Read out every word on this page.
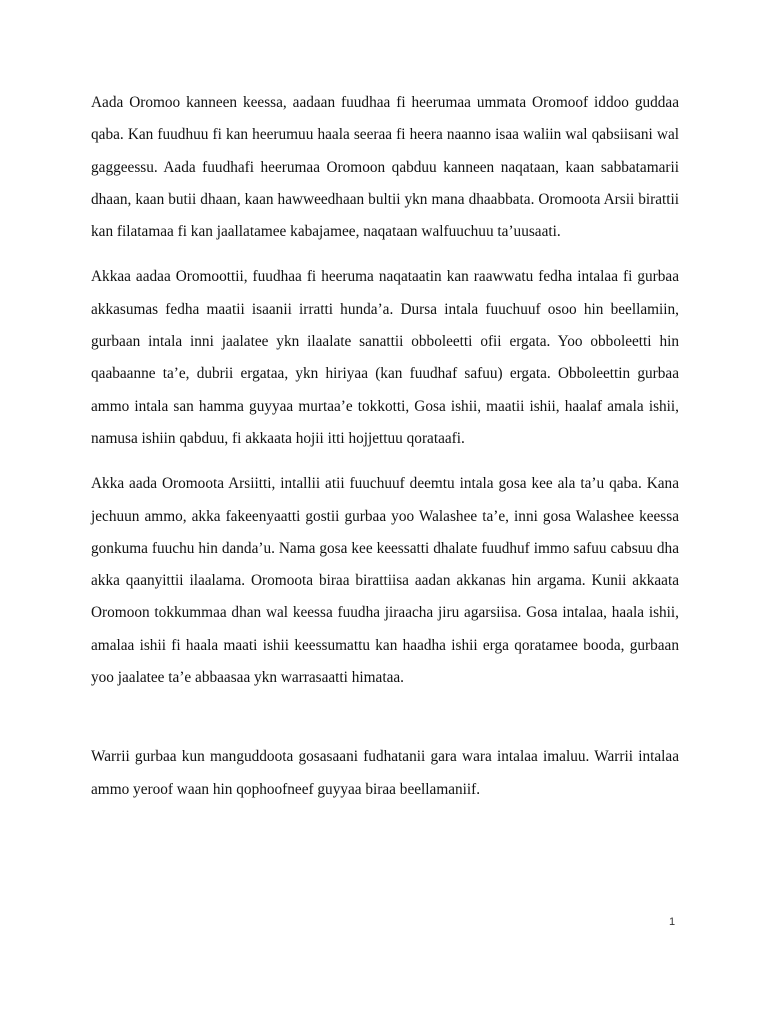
Aada Oromoo kanneen keessa, aadaan fuudhaa fi heerumaa ummata Oromoof iddoo guddaa qaba. Kan fuudhuu fi kan heerumuu haala seeraa fi heera naanno isaa waliin wal qabsiisani wal gaggeessu. Aada fuudhafi heerumaa Oromoon qabduu kanneen naqataan, kaan sabbatamarii dhaan, kaan butii dhaan, kaan hawweedhaan bultii ykn mana dhaabbata. Oromoota Arsii birattii kan filatamaa fi kan jaallatamee kabajamee, naqataan walfuuchuu ta’uusaati.

Akkaa aadaa Oromoottii, fuudhaa fi heeruma naqataatin kan raawwatu fedha intalaa fi gurbaa akkasumas fedha maatii isaanii irratti hunda’a. Dursa intala fuuchuuf osoo hin beellamiin, gurbaan intala inni jaalatee ykn ilaalate sanattii obboleetti ofii ergata. Yoo obboleetti hin qaabaanne ta’e, dubrii ergataa, ykn hiriyaa (kan fuudhaf safuu) ergata. Obboleettin gurbaa ammo intala san hamma guyyaa murtaa’e tokkotti, Gosa ishii, maatii ishii, haalaf amala ishii, namusa ishiin qabduu, fi akkaata hojii itti hojjettuu qorataafi.

Akka aada Oromoota Arsiitti, intallii atii fuuchuuf deemtu intala gosa kee ala ta’u qaba. Kana jechuun ammo, akka fakeenyaatti gostii gurbaa yoo Walashee ta’e, inni gosa Walashee keessa gonkuma fuuchu hin danda’u. Nama gosa kee keessatti dhalate fuudhuf immo safuu cabsuu dha akka qaanyittii ilaalama. Oromoota biraa birattiisa aadan akkanas hin argama. Kunii akkaata Oromoon tokkummaa dhan wal keessa fuudha jiraacha jiru agarsiisa. Gosa intalaa, haala ishii, amalaa ishii fi haala maati ishii keessumattu kan haadha ishii erga qoratamee booda, gurbaan yoo jaalatee ta’e abbaasaa ykn warrasaatti himataa.

Warrii gurbaa kun manguddoota gosasaani fudhatanii gara wara intalaa imaluu. Warrii intalaa ammo yeroof waan hin qophoofneef guyyaa biraa beellamaniif.

1
